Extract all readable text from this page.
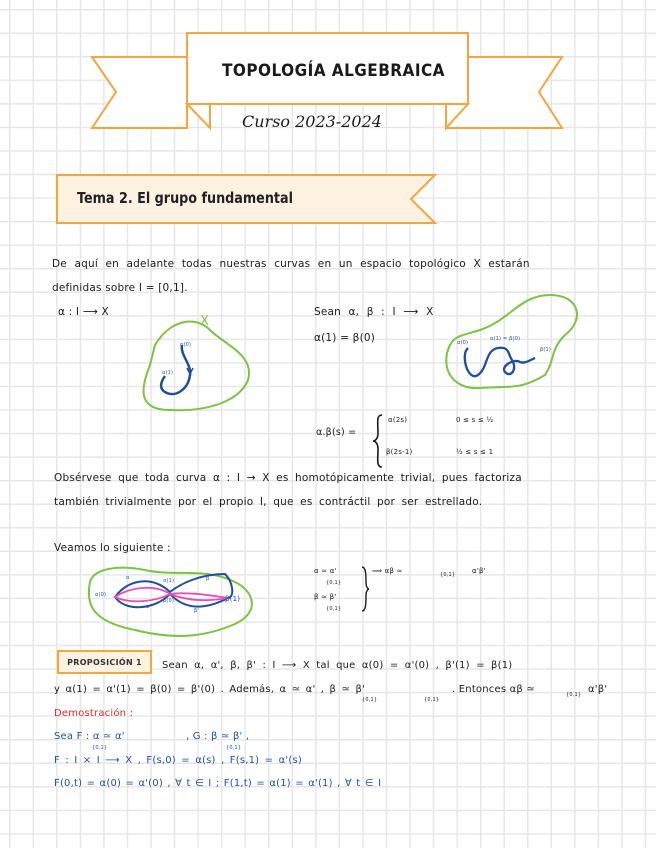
TOPOLOGÍA ALGEBRAICA
Curso 2023-2024
Tema 2. El grupo fundamental
De aquí en adelante todas nuestras curvas en un espacio topológico X estarán
definidas sobre I = [0,1].
α : I ⟶ X
X
α(0)
α(1)
Sean α, β : I ⟶ X
α(1) = β(0)	α(0)
α(1) = β(0)
β(1)
α.β(s) =
α(2s)	0 ≤ s ≤ ½
β(2s-1)	½ ≤ s ≤ 1
Obsérvese que toda curva α : I → X es homotópicamente trivial, pues factoriza
también trivialmente por el propio I, que es contráctil por ser estrellado.
Veamos lo siguiente :
α(0)
α	α(1)
β(0)
α'
β
β'
β(1)
α ≃ α'
{0,1}
β ≃ β'
{0,1}
⟹ αβ ≃	{0,1} α'β'
PROPOSICIÓN 1 Sean α, α', β, β' : I ⟶ X tal que α(0) = α'(0) , β'(1) = β(1)
y α(1) = α'(1) = β(0) = β'(0) . Además, α ≃ α' , β ≃ β'
{0,1}	{0,1}
. Entonces αβ ≃	{0,1} α'β'
Demostración :
Sea F : α ≃ α'
{0,1}
, G : β ≃ β' ,
{0,1}
F : I × I ⟶ X , F(s,0) = α(s) , F(s,1) = α'(s)
F(0,t) = α(0) = α'(0) , ∀ t ∈ I ; F(1,t) = α(1) = α'(1) , ∀ t ∈ I
